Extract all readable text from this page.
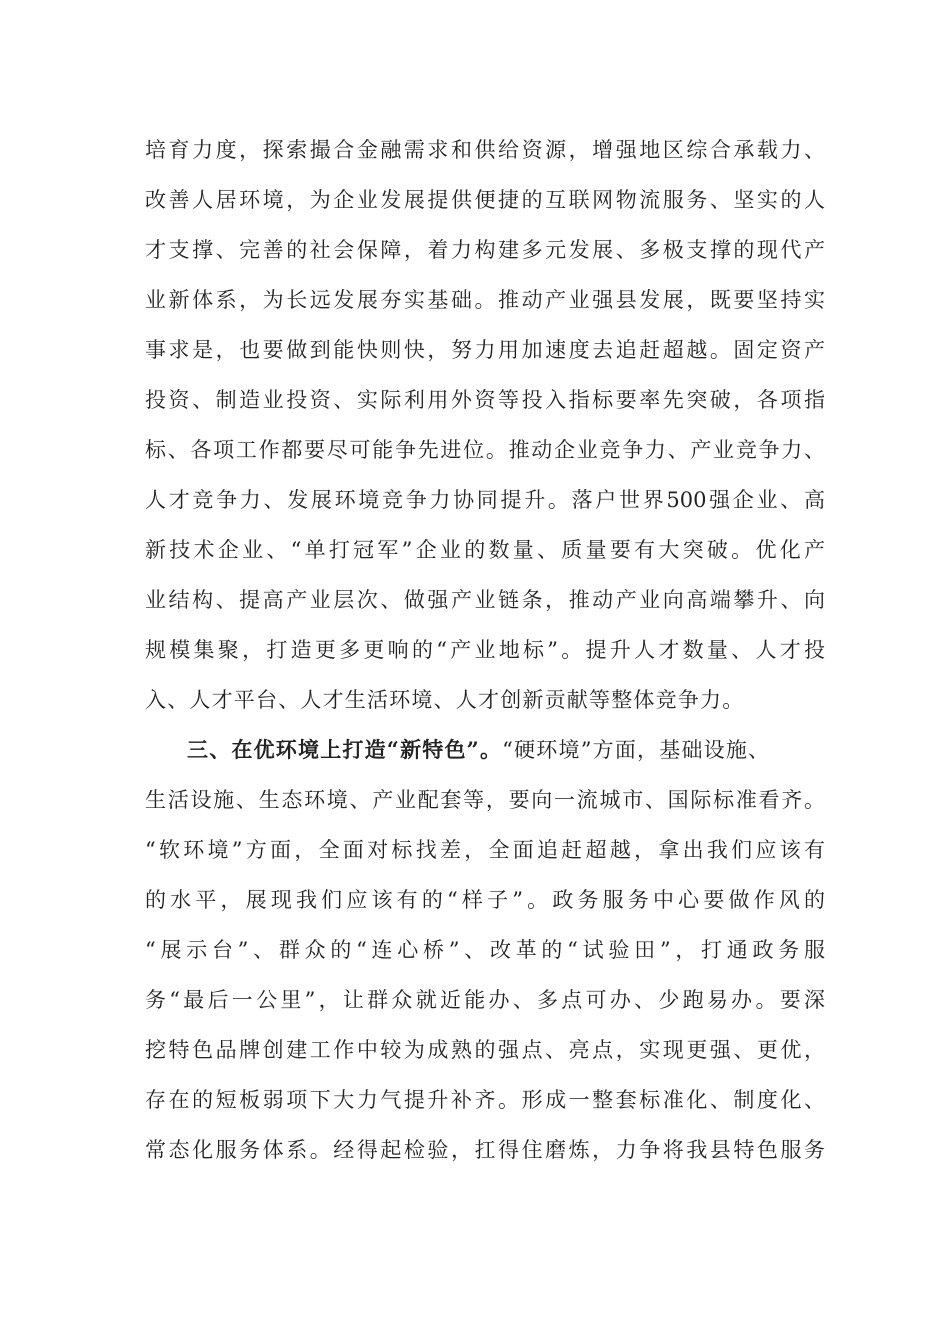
培育力度，探索撮合金融需求和供给资源，增强地区综合承载力、
改善人居环境，为企业发展提供便捷的互联网物流服务、坚实的人
才支撑、完善的社会保障，着力构建多元发展、多极支撑的现代产
业新体系，为长远发展夯实基础。推动产业强县发展，既要坚持实
事求是，也要做到能快则快，努力用加速度去追赶超越。固定资产
投资、制造业投资、实际利用外资等投入指标要率先突破，各项指
标、各项工作都要尽可能争先进位。推动企业竞争力、产业竞争力、
人才竞争力、发展环境竞争力协同提升。落户世界500强企业、高
新技术企业、“单打冠军”企业的数量、质量要有大突破。优化产
业结构、提高产业层次、做强产业链条，推动产业向高端攀升、向
规模集聚，打造更多更响的“产业地标”。提升人才数量、人才投
入、人才平台、人才生活环境、人才创新贡献等整体竞争力。
三、在优环境上打造“新特色”。“硬环境”方面，基础设施、
生活设施、生态环境、产业配套等，要向一流城市、国际标准看齐。
“软环境”方面，全面对标找差，全面追赶超越，拿出我们应该有
的水平，展现我们应该有的“样子”。政务服务中心要做作风的
“展示台”、群众的“连心桥”、改革的“试验田”，打通政务服
务“最后一公里”，让群众就近能办、多点可办、少跑易办。要深
挖特色品牌创建工作中较为成熟的强点、亮点，实现更强、更优，
存在的短板弱项下大力气提升补齐。形成一整套标准化、制度化、
常态化服务体系。经得起检验，扛得住磨炼，力争将我县特色服务
